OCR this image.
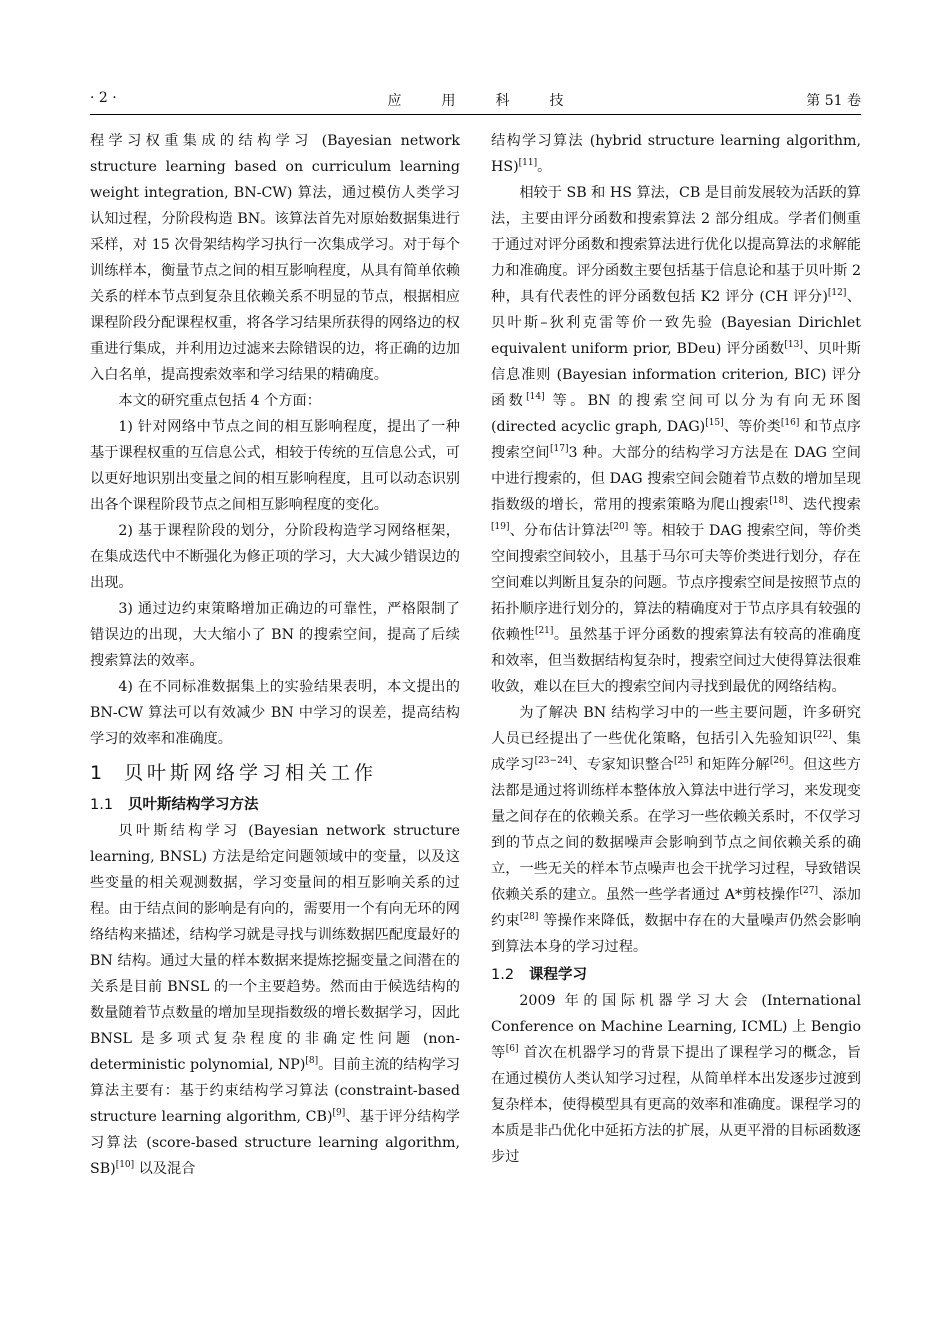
· 2 ·	应用科技	第 51 卷

程学习权重集成的结构学习 (Bayesian network structure learning based on curriculum learning weight integration, BN-CW) 算法，通过模仿人类学习认知过程，分阶段构造 BN。该算法首先对原始数据集进行采样，对 15 次骨架结构学习执行一次集成学习。对于每个训练样本，衡量节点之间的相互影响程度，从具有简单依赖关系的样本节点到复杂且依赖关系不明显的节点，根据相应课程阶段分配课程权重，将各学习结果所获得的网络边的权重进行集成，并利用边过滤来去除错误的边，将正确的边加入白名单，提高搜索效率和学习结果的精确度。

本文的研究重点包括 4 个方面：

1) 针对网络中节点之间的相互影响程度，提出了一种基于课程权重的互信息公式，相较于传统的互信息公式，可以更好地识别出变量之间的相互影响程度，且可以动态识别出各个课程阶段节点之间相互影响程度的变化。

2) 基于课程阶段的划分，分阶段构造学习网络框架，在集成迭代中不断强化为修正项的学习，大大减少错误边的出现。

3) 通过边约束策略增加正确边的可靠性，严格限制了错误边的出现，大大缩小了 BN 的搜索空间，提高了后续搜索算法的效率。

4) 在不同标准数据集上的实验结果表明，本文提出的 BN-CW 算法可以有效减少 BN 中学习的误差，提高结构学习的效率和准确度。

1 贝叶斯网络学习相关工作
1.1 贝叶斯结构学习方法

贝叶斯结构学习 (Bayesian network structure learning, BNSL) 方法是给定问题领域中的变量，以及这些变量的相关观测数据，学习变量间的相互影响关系的过程。由于结点间的影响是有向的，需要用一个有向无环的网络结构来描述，结构学习就是寻找与训练数据匹配度最好的 BN 结构。通过大量的样本数据来提炼挖掘变量之间潜在的关系是目前 BNSL 的一个主要趋势。然而由于候选结构的数量随着节点数量的增加呈现指数级的增长数据学习，因此 BNSL 是多项式复杂程度的非确定性问题 (non-deterministic polynomial, NP)[8]。目前主流的结构学习算法主要有：基于约束结构学习算法 (constraint-based structure learning algorithm, CB)[9]、基于评分结构学习算法 (score-based structure learning algorithm, SB)[10] 以及混合

结构学习算法 (hybrid structure learning algorithm, HS)[11]。

相较于 SB 和 HS 算法，CB 是目前发展较为活跃的算法，主要由评分函数和搜索算法 2 部分组成。学者们侧重于通过对评分函数和搜索算法进行优化以提高算法的求解能力和准确度。评分函数主要包括基于信息论和基于贝叶斯 2 种，具有代表性的评分函数包括 K2 评分 (CH 评分)[12]、贝叶斯–狄利克雷等价一致先验 (Bayesian Dirichlet equivalent uniform prior, BDeu) 评分函数[13]、贝叶斯信息准则 (Bayesian information criterion, BIC) 评分函数[14] 等。BN 的搜索空间可以分为有向无环图 (directed acyclic graph, DAG)[15]、等价类[16] 和节点序搜索空间[17]3 种。大部分的结构学习方法是在 DAG 空间中进行搜索的，但 DAG 搜索空间会随着节点数的增加呈现指数级的增长，常用的搜索策略为爬山搜索[18]、迭代搜索[19]、分布估计算法[20] 等。相较于 DAG 搜索空间，等价类空间搜索空间较小，且基于马尔可夫等价类进行划分，存在空间难以判断且复杂的问题。节点序搜索空间是按照节点的拓扑顺序进行划分的，算法的精确度对于节点序具有较强的依赖性[21]。虽然基于评分函数的搜索算法有较高的准确度和效率，但当数据结构复杂时，搜索空间过大使得算法很难收敛，难以在巨大的搜索空间内寻找到最优的网络结构。

为了解决 BN 结构学习中的一些主要问题，许多研究人员已经提出了一些优化策略，包括引入先验知识[22]、集成学习[23−24]、专家知识整合[25] 和矩阵分解[26]。但这些方法都是通过将训练样本整体放入算法中进行学习，来发现变量之间存在的依赖关系。在学习一些依赖关系时，不仅学习到的节点之间的数据噪声会影响到节点之间依赖关系的确立，一些无关的样本节点噪声也会干扰学习过程，导致错误依赖关系的建立。虽然一些学者通过 A*剪枝操作[27]、添加约束[28] 等操作来降低，数据中存在的大量噪声仍然会影响到算法本身的学习过程。

1.2 课程学习

2009 年的国际机器学习大会 (International Conference on Machine Learning, ICML) 上 Bengio 等[6] 首次在机器学习的背景下提出了课程学习的概念，旨在通过模仿人类认知学习过程，从简单样本出发逐步过渡到复杂样本，使得模型具有更高的效率和准确度。课程学习的本质是非凸优化中延拓方法的扩展，从更平滑的目标函数逐步过
